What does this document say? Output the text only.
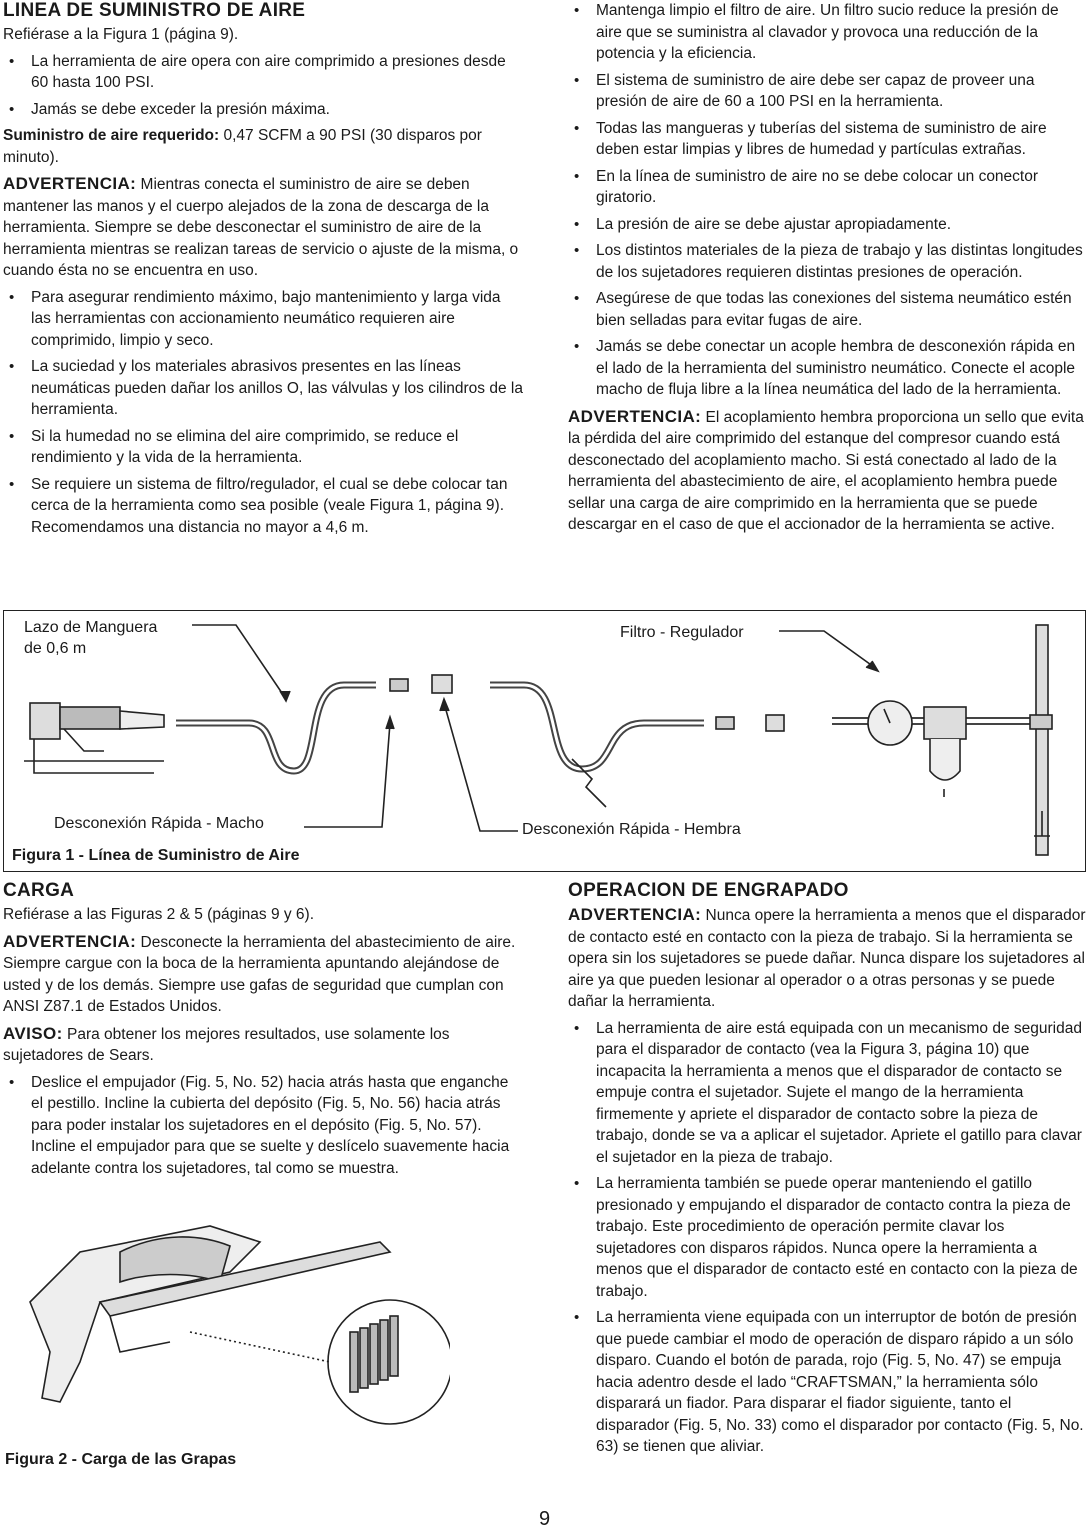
LINEA DE SUMINISTRO DE AIRE

Refiérase a la Figura 1 (página 9).

• La herramienta de aire opera con aire comprimido a presiones desde 60 hasta 100 PSI.
• Jamás se debe exceder la presión máxima.

Suministro de aire requerido: 0,47 SCFM a 90 PSI (30 disparos por minuto).

ADVERTENCIA: Mientras conecta el suministro de aire se deben mantener las manos y el cuerpo alejados de la zona de descarga de la herramienta. Siempre se debe desconectar el suministro de aire de la herramienta mientras se realizan tareas de servicio o ajuste de la misma, o cuando ésta no se encuentra en uso.

• Para asegurar rendimiento máximo, bajo mantenimiento y larga vida las herramientas con accionamiento neumático requieren aire comprimido, limpio y seco.
• La suciedad y los materiales abrasivos presentes en las líneas neumáticas pueden dañar los anillos O, las válvulas y los cilindros de la herramienta.
• Si la humedad no se elimina del aire comprimido, se reduce el rendimiento y la vida de la herramienta.
• Se requiere un sistema de filtro/regulador, el cual se debe colocar tan cerca de la herramienta como sea posible (veale Figura 1, página 9). Recomendamos una distancia no mayor a 4,6 m.
• Mantenga limpio el filtro de aire. Un filtro sucio reduce la presión de aire que se suministra al clavador y provoca una reducción de la potencia y la eficiencia.
• El sistema de suministro de aire debe ser capaz de proveer una presión de aire de 60 a 100 PSI en la herramienta.
• Todas las mangueras y tuberías del sistema de suministro de aire deben estar limpias y libres de humedad y partículas extrañas.
• En la línea de suministro de aire no se debe colocar un conector giratorio.
• La presión de aire se debe ajustar apropiadamente.
• Los distintos materiales de la pieza de trabajo y las distintas longitudes de los sujetadores requieren distintas presiones de operación.
• Asegúrese de que todas las conexiones del sistema neumático estén bien selladas para evitar fugas de aire.
• Jamás se debe conectar un acople hembra de desconexión rápida en el lado de la herramienta del suministro neumático. Conecte el acople macho de fluja libre a la línea neumática del lado de la herramienta.

ADVERTENCIA: El acoplamiento hembra proporciona un sello que evita la pérdida del aire comprimido del estanque del compresor cuando está desconectado del acoplamiento macho. Si está conectado al lado de la herramienta del abastecimiento de aire, el acoplamiento hembra puede sellar una carga de aire comprimido en la herramienta que se puede descargar en el caso de que el accionador de la herramienta se active.

Lazo de Manguera
de 0,6 m
Filtro - Regulador
Desconexión Rápida - Macho	Desconexión Rápida - Hembra
Figura 1 - Línea de Suministro de Aire
CARGA

Refiérase a las Figuras 2 & 5 (páginas 9 y 6).

ADVERTENCIA: Desconecte la herramienta del abastecimiento de aire. Siempre cargue con la boca de la herramienta apuntando alejándose de usted y de los demás. Siempre use gafas de seguridad que cumplan con ANSI Z87.1 de Estados Unidos.

AVISO: Para obtener los mejores resultados, use solamente los sujetadores de Sears.

• Deslice el empujador (Fig. 5, No. 52) hacia atrás hasta que enganche el pestillo. Incline la cubierta del depósito (Fig. 5, No. 56) hacia atrás para poder instalar los sujetadores en el depósito (Fig. 5, No. 57). Incline el empujador para que se suelte y deslícelo suavemente hacia adelante contra los sujetadores, tal como se muestra.
Figura 2 - Carga de las Grapas
OPERACION DE ENGRAPADO

ADVERTENCIA: Nunca opere la herramienta a menos que el disparador de contacto esté en contacto con la pieza de trabajo. Si la herramienta se opera sin los sujetadores se puede dañar. Nunca dispare los sujetadores al aire ya que pueden lesionar al operador o a otras personas y se puede dañar la herramienta.

• La herramienta de aire está equipada con un mecanismo de seguridad para el disparador de contacto (vea la Figura 3, página 10) que incapacita la herramienta a menos que el disparador de contacto se empuje contra el sujetador. Sujete el mango de la herramienta firmemente y apriete el disparador de contacto sobre la pieza de trabajo, donde se va a aplicar el sujetador. Apriete el gatillo para clavar el sujetador en la pieza de trabajo.
• La herramienta también se puede operar manteniendo el gatillo presionado y empujando el disparador de contacto contra la pieza de trabajo. Este procedimiento de operación permite clavar los sujetadores con disparos rápidos. Nunca opere la herramienta a menos que el disparador de contacto esté en contacto con la pieza de trabajo.
• La herramienta viene equipada con un interruptor de botón de presión que puede cambiar el modo de operación de disparo rápido a un sólo disparo. Cuando el botón de parada, rojo (Fig. 5, No. 47) se empuja hacia adentro desde el lado “CRAFTSMAN,” la herramienta sólo disparará un fiador. Para disparar el fiador siguiente, tanto el disparador (Fig. 5, No. 33) como el disparador por contacto (Fig. 5, No. 63) se tienen que aliviar.
9
